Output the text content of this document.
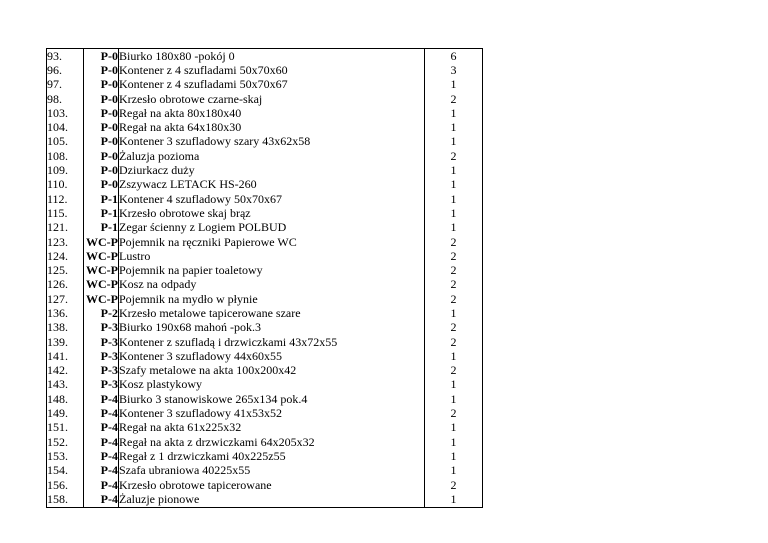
93.	P-0	Biurko 180x80 -pokój 0	6
96.	P-0	Kontener z 4 szufladami 50x70x60	3
97.	P-0	Kontener z 4 szufladami 50x70x67	1
98.	P-0	Krzesło obrotowe czarne-skaj	2
103.	P-0	Regał na akta 80x180x40	1
104.	P-0	Regał na akta 64x180x30	1
105.	P-0	Kontener 3 szufladowy szary 43x62x58	1
108.	P-0	Żaluzja pozioma	2
109.	P-0	Dziurkacz duży	1
110.	P-0	Zszywacz LETACK HS-260	1
112.	P-1	Kontener 4 szufladowy 50x70x67	1
115.	P-1	Krzesło obrotowe skaj brąz	1
121.	P-1	Zegar ścienny z Logiem POLBUD	1
123.	WC-P	Pojemnik na ręczniki Papierowe WC	2
124.	WC-P	Lustro	2
125.	WC-P	Pojemnik na papier toaletowy	2
126.	WC-P	Kosz na odpady	2
127.	WC-P	Pojemnik na mydło w płynie	2
136.	P-2	Krzesło metalowe tapicerowane szare	1
138.	P-3	Biurko 190x68 mahoń -pok.3	2
139.	P-3	Kontener z szufladą i drzwiczkami 43x72x55	2
141.	P-3	Kontener 3 szufladowy 44x60x55	1
142.	P-3	Szafy metalowe na akta 100x200x42	2
143.	P-3	Kosz plastykowy	1
148.	P-4	Biurko 3 stanowiskowe 265x134 pok.4	1
149.	P-4	Kontener 3 szufladowy 41x53x52	2
151.	P-4	Regał na akta 61x225x32	1
152.	P-4	Regał na akta z drzwiczkami 64x205x32	1
153.	P-4	Regał z 1 drzwiczkami 40x225z55	1
154.	P-4	Szafa ubraniowa 40225x55	1
156.	P-4	Krzesło obrotowe tapicerowane	2
158.	P-4	Żaluzje pionowe	1
